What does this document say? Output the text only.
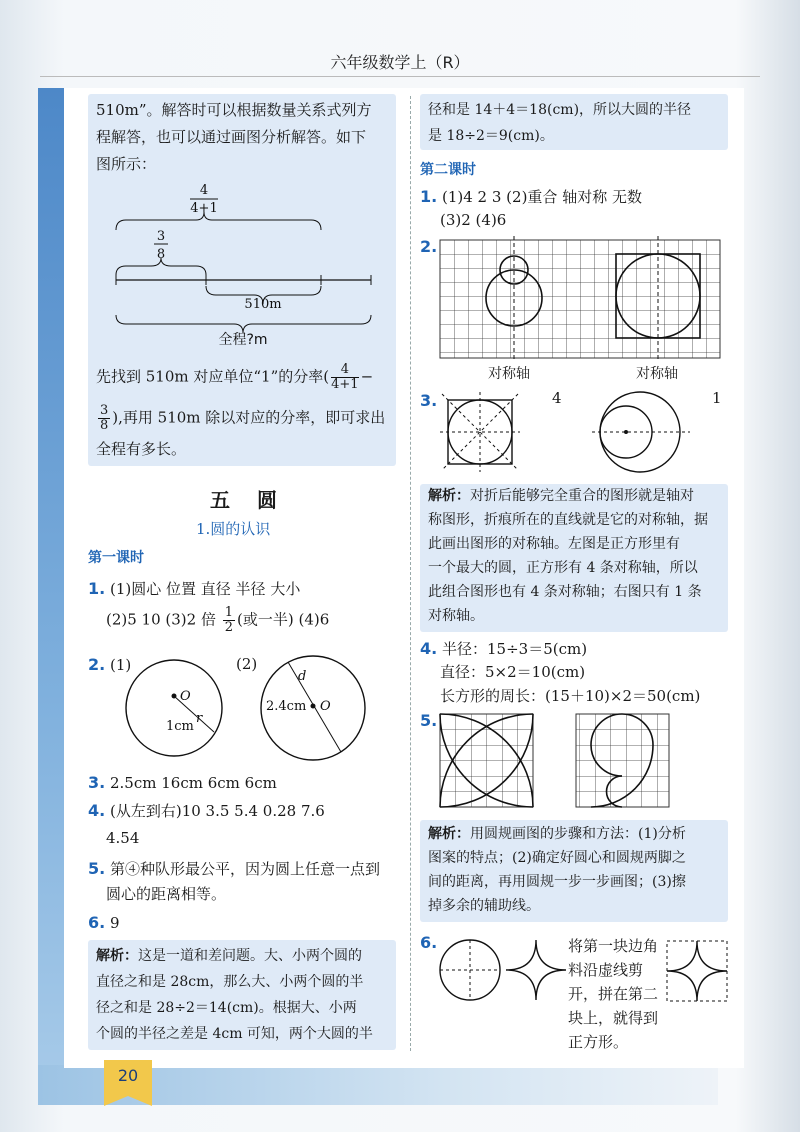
六年级数学上（R）
510m”。解答时可以根据数量关系式列方
程解答，也可以通过画图分析解答。如下
图所示：
4
4+1
3
8
510m
全程?m
先找到 510m 对应单位“1”的分率( $\frac{4}{4+1}$ −
$\frac{3}{8}$ ),再用 510m 除以对应的分率，即可求出
全程有多长。
五 圆
1.圆的认识
第一课时
1. (1)圆心 位置 直径 半径 大小
(2)5 10 (3)2 倍 $\frac{1}{2}$ (或一半) (4)6
2. (1)	(2)
O
r
1cm
d
O
2.4cm
3. 2.5cm 16cm 6cm 6cm
4. (从左到右)10 3.5 5.4 0.28 7.6
4.54
5. 第④种队形最公平，因为圆上任意一点到
圆心的距离相等。
6. 9
解析：这是一道和差问题。大、小两个圆的
直径之和是 28cm，那么大、小两个圆的半
径之和是 28÷2＝14(cm)。根据大、小两
个圆的半径之差是 4cm 可知，两个大圆的半
径和是 14＋4＝18(cm)，所以大圆的半径
是 18÷2＝9(cm)。
第二课时
1. (1)4 2 3 (2)重合 轴对称 无数
(3)2 (4)6
2.
对称轴	对称轴
3.	4	1
解析：对折后能够完全重合的图形就是轴对
称图形，折痕所在的直线就是它的对称轴，据
此画出图形的对称轴。左图是正方形里有
一个最大的圆，正方形有 4 条对称轴，所以
此组合图形也有 4 条对称轴；右图只有 1 条
对称轴。
4. 半径：15÷3＝5(cm)
直径：5×2＝10(cm)
长方形的周长：(15＋10)×2＝50(cm)
5.
解析：用圆规画图的步骤和方法：(1)分析
图案的特点；(2)确定好圆心和圆规两脚之
间的距离，再用圆规一步一步画图；(3)擦
掉多余的辅助线。
6.	将第一块边角
料沿虚线剪
开，拼在第二
块上，就得到
正方形。
20
